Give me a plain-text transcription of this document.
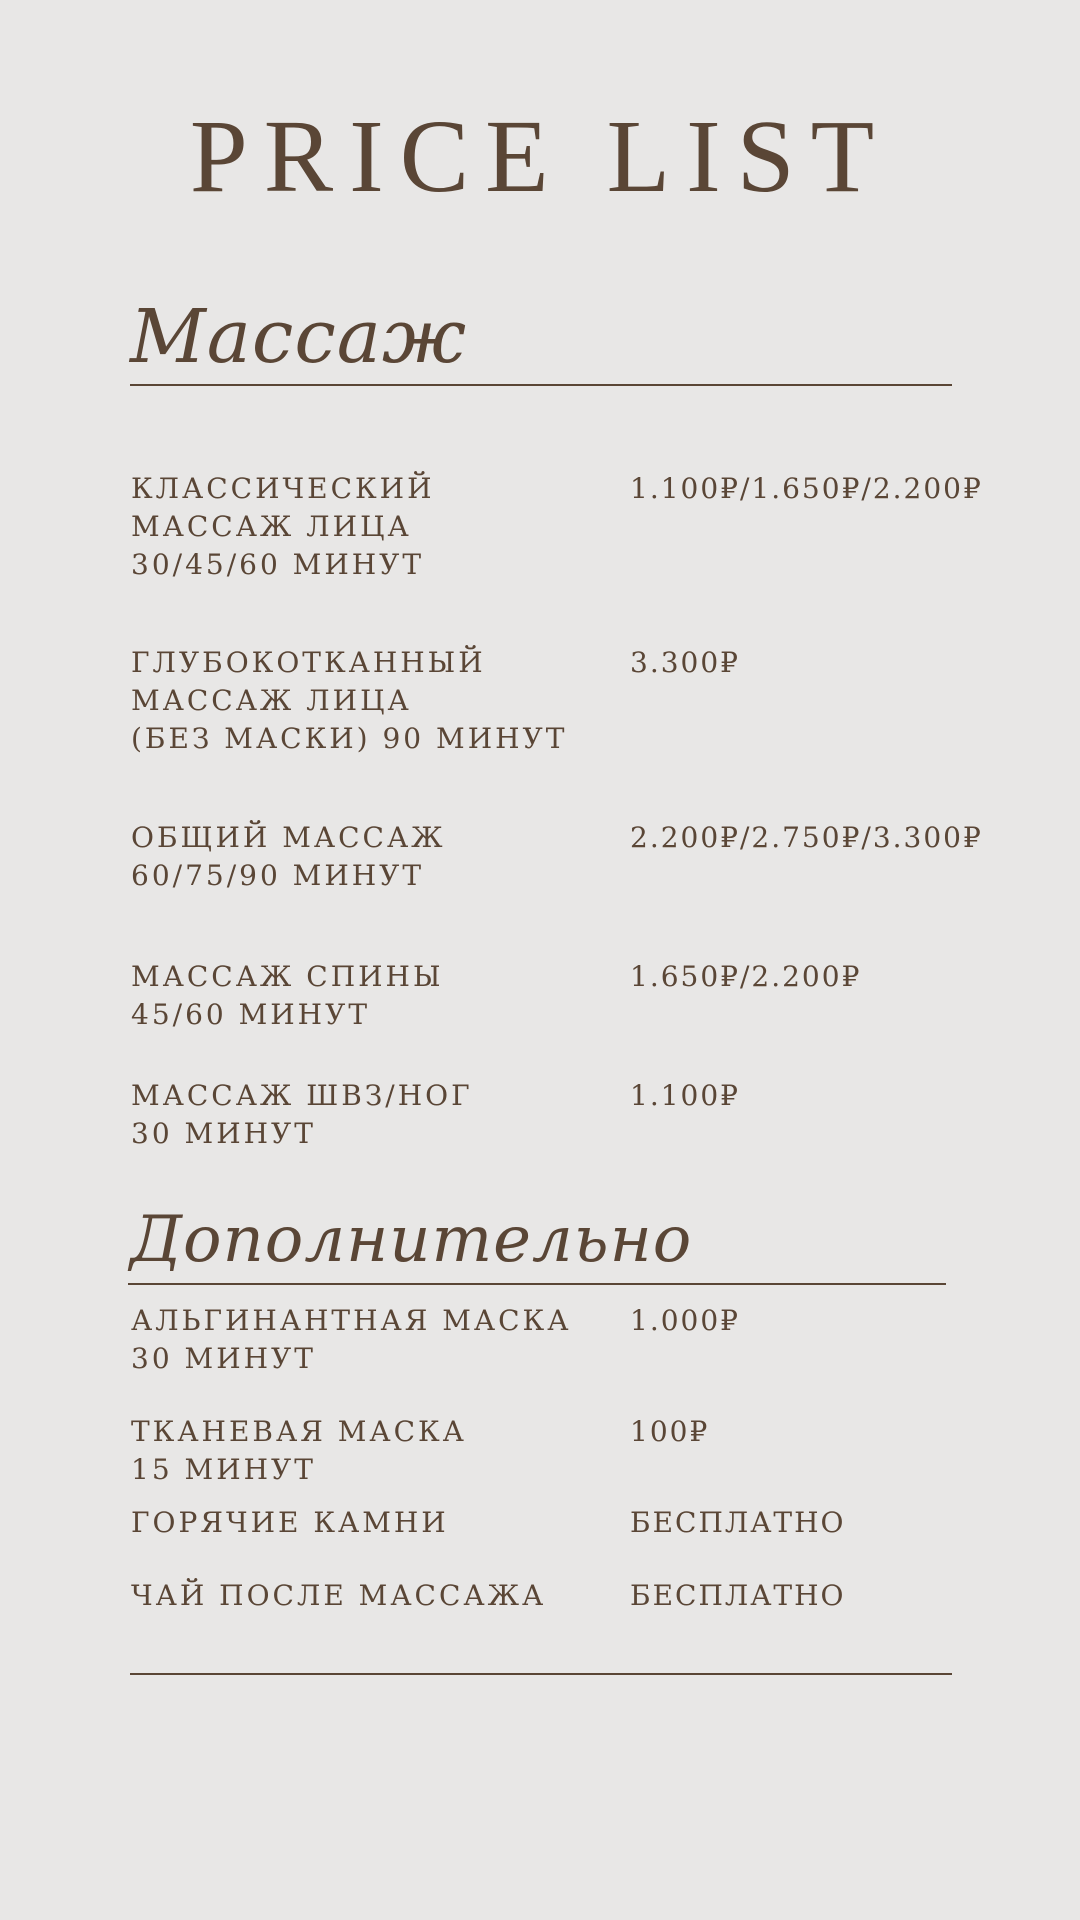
PRICE LIST
Массаж
КЛАССИЧЕСКИЙ
МАССАЖ ЛИЦА
30/45/60 МИНУТ
1.100₽/1.650₽/2.200₽
ГЛУБОКОТКАННЫЙ
МАССАЖ ЛИЦА
(БЕЗ МАСКИ) 90 МИНУТ
3.300₽
ОБЩИЙ МАССАЖ
60/75/90 МИНУТ
2.200₽/2.750₽/3.300₽
МАССАЖ СПИНЫ
45/60 МИНУТ
1.650₽/2.200₽
МАССАЖ ШВЗ/НОГ
30 МИНУТ
1.100₽
Дополнительно
АЛЬГИНАНТНАЯ МАСКА
30 МИНУТ
1.000₽
ТКАНЕВАЯ МАСКА
15 МИНУТ
100₽
ГОРЯЧИЕ КАМНИ	БЕСПЛАТНО
ЧАЙ ПОСЛЕ МАССАЖА	БЕСПЛАТНО
